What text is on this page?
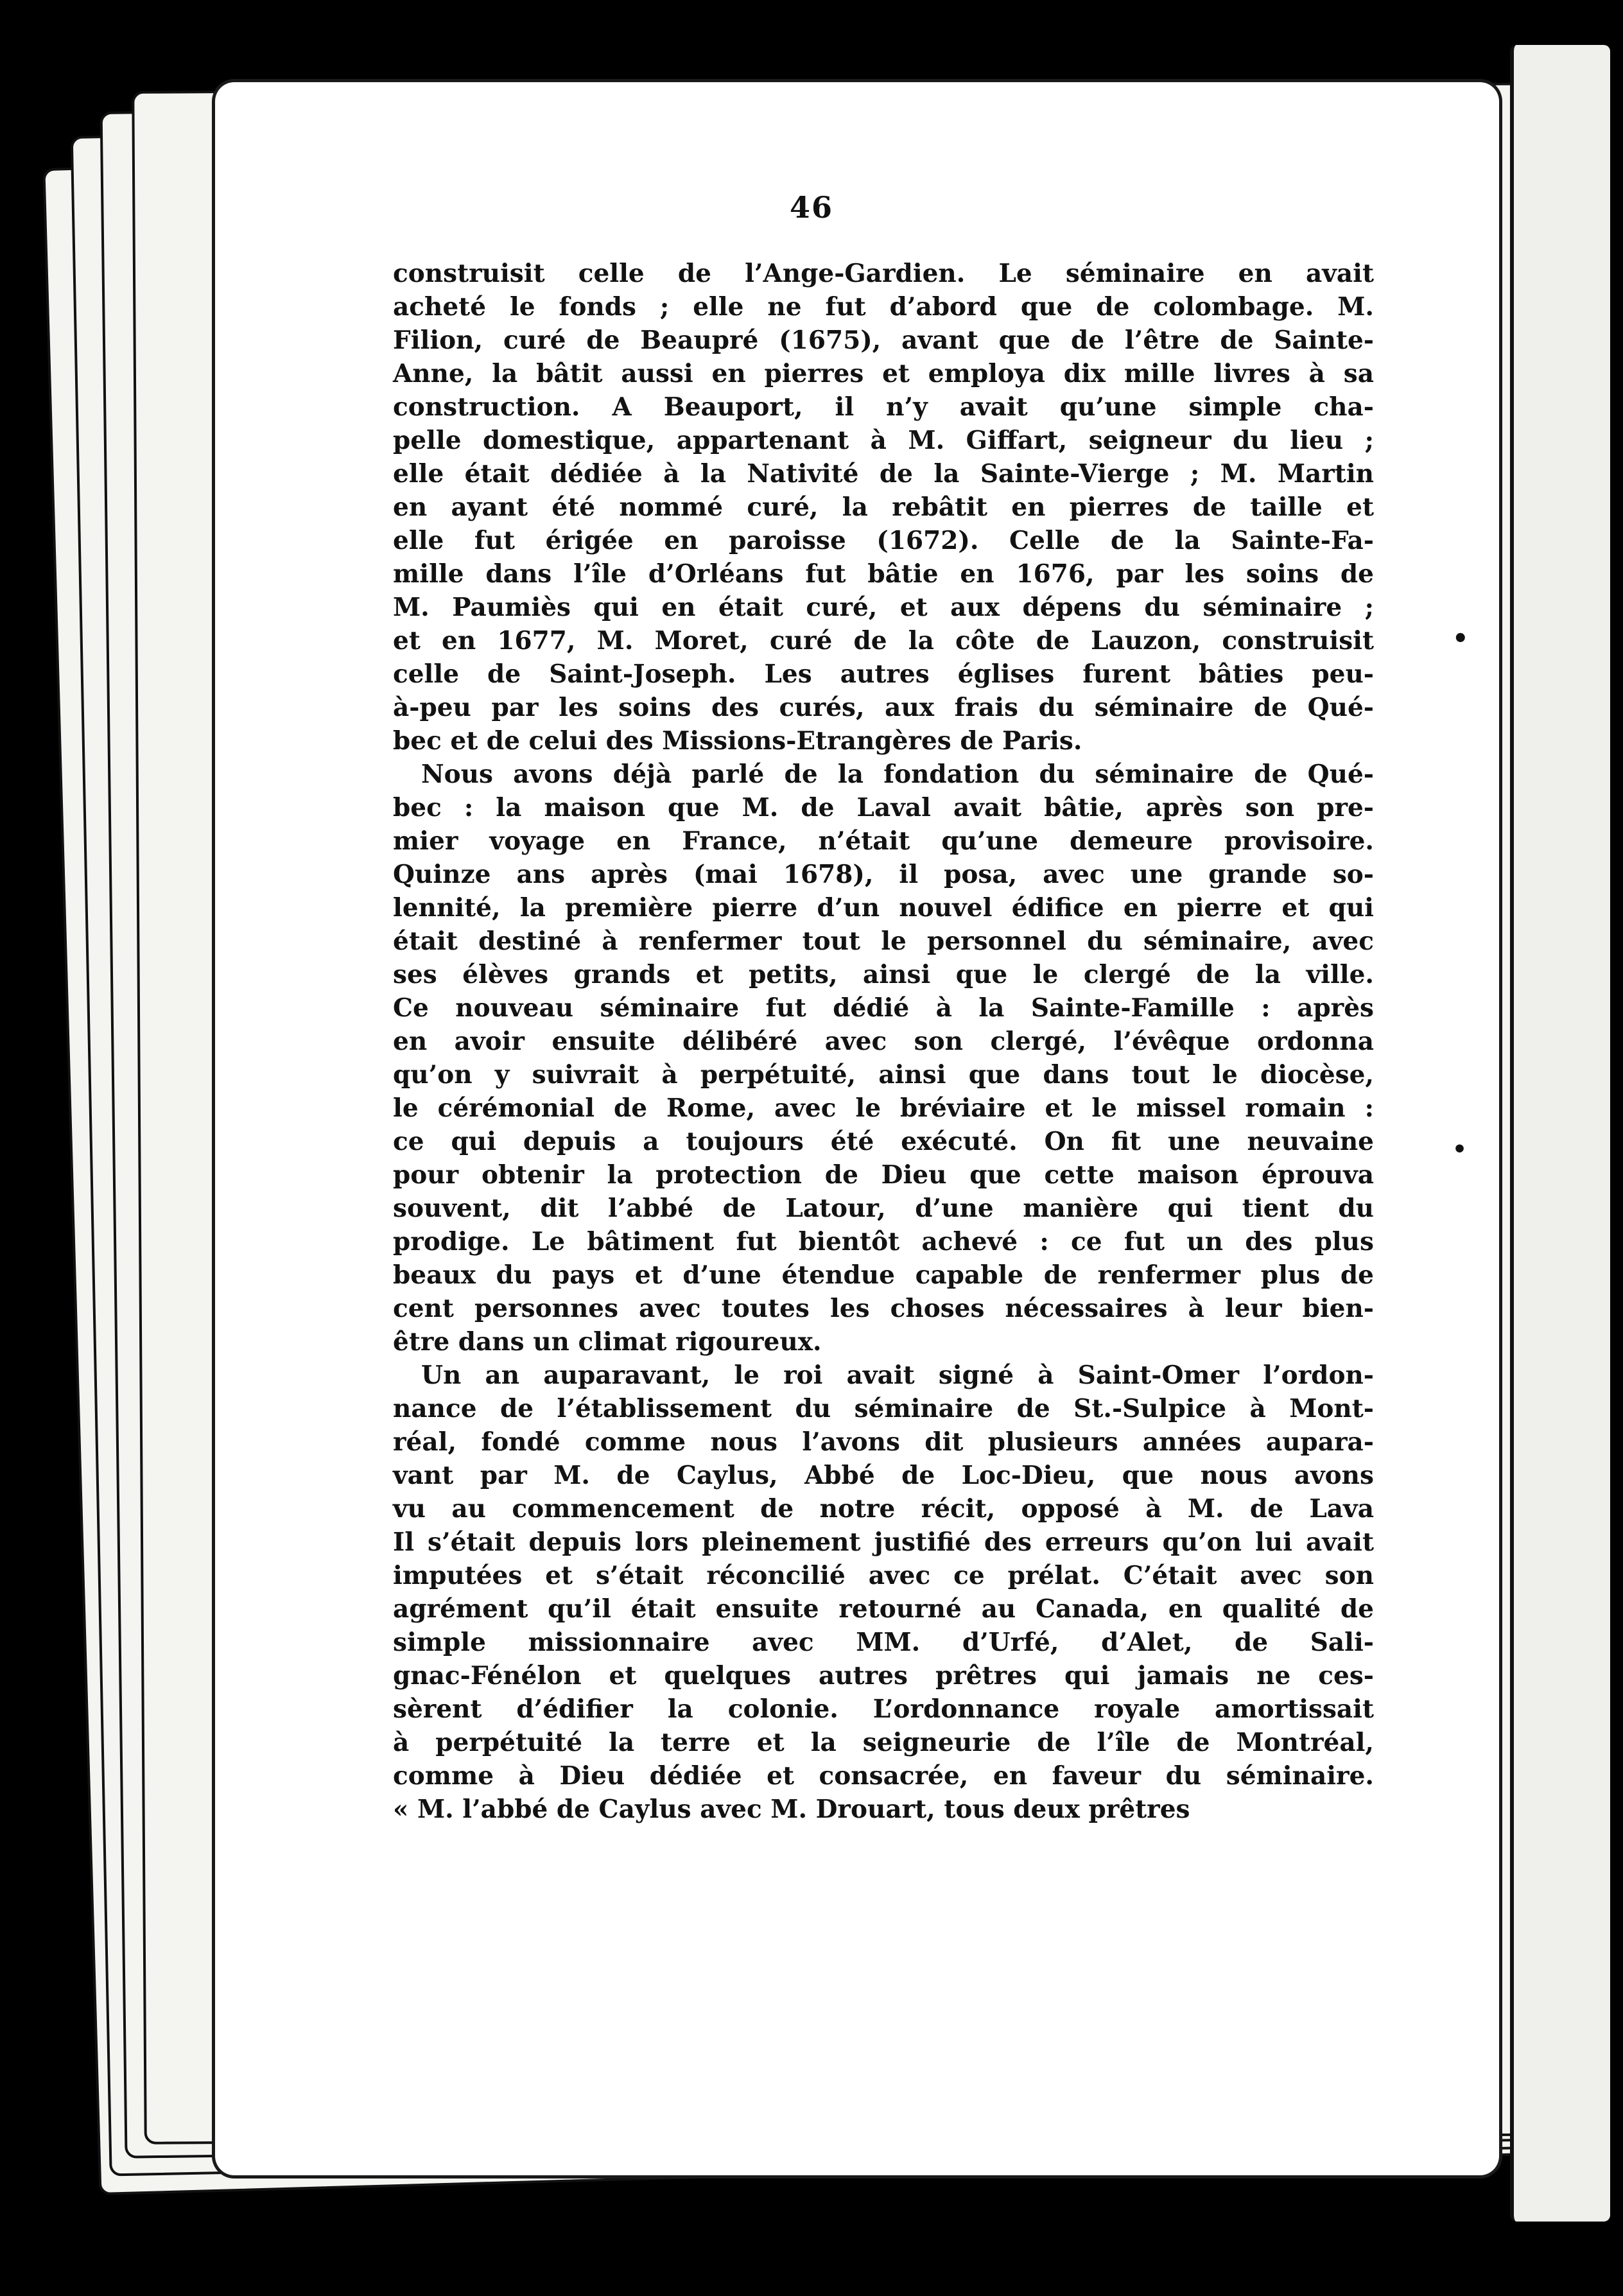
46
construisit celle de l’Ange-Gardien. Le séminaire en avait
acheté le fonds ; elle ne fut d’abord que de colombage. M.
Filion, curé de Beaupré (1675), avant que de l’être de Sainte-
Anne, la bâtit aussi en pierres et employa dix mille livres à sa
construction. A Beauport, il n’y avait qu’une simple cha-
pelle domestique, appartenant à M. Giffart, seigneur du lieu ;
elle était dédiée à la Nativité de la Sainte-Vierge ; M. Martin
en ayant été nommé curé, la rebâtit en pierres de taille et
elle fut érigée en paroisse (1672). Celle de la Sainte-Fa-
mille dans l’île d’Orléans fut bâtie en 1676, par les soins de
M. Paumiès qui en était curé, et aux dépens du séminaire ;
et en 1677, M. Moret, curé de la côte de Lauzon, construisit
celle de Saint-Joseph. Les autres églises furent bâties peu-
à-peu par les soins des curés, aux frais du séminaire de Qué-
bec et de celui des Missions-Etrangères de Paris.
Nous avons déjà parlé de la fondation du séminaire de Qué-
bec : la maison que M. de Laval avait bâtie, après son pre-
mier voyage en France, n’était qu’une demeure provisoire.
Quinze ans après (mai 1678), il posa, avec une grande so-
lennité, la première pierre d’un nouvel édifice en pierre et qui
était destiné à renfermer tout le personnel du séminaire, avec
ses élèves grands et petits, ainsi que le clergé de la ville.
Ce nouveau séminaire fut dédié à la Sainte-Famille : après
en avoir ensuite délibéré avec son clergé, l’évêque ordonna
qu’on y suivrait à perpétuité, ainsi que dans tout le diocèse,
le cérémonial de Rome, avec le bréviaire et le missel romain :
ce qui depuis a toujours été exécuté. On fit une neuvaine
pour obtenir la protection de Dieu que cette maison éprouva
souvent, dit l’abbé de Latour, d’une manière qui tient du
prodige. Le bâtiment fut bientôt achevé : ce fut un des plus
beaux du pays et d’une étendue capable de renfermer plus de
cent personnes avec toutes les choses nécessaires à leur bien-
être dans un climat rigoureux.
Un an auparavant, le roi avait signé à Saint-Omer l’ordon-
nance de l’établissement du séminaire de St.-Sulpice à Mont-
réal, fondé comme nous l’avons dit plusieurs années aupara-
vant par M. de Caylus, Abbé de Loc-Dieu, que nous avons
vu au commencement de notre récit, opposé à M. de Lava
Il s’était depuis lors pleinement justifié des erreurs qu’on lui avait
imputées et s’était réconcilié avec ce prélat. C’était avec son
agrément qu’il était ensuite retourné au Canada, en qualité de
simple missionnaire avec MM. d’Urfé, d’Alet, de Sali-
gnac-Fénélon et quelques autres prêtres qui jamais ne ces-
sèrent d’édifier la colonie. L’ordonnance royale amortissait
à perpétuité la terre et la seigneurie de l’île de Montréal,
comme à Dieu dédiée et consacrée, en faveur du séminaire.
« M. l’abbé de Caylus avec M. Drouart, tous deux prêtres
•
•
